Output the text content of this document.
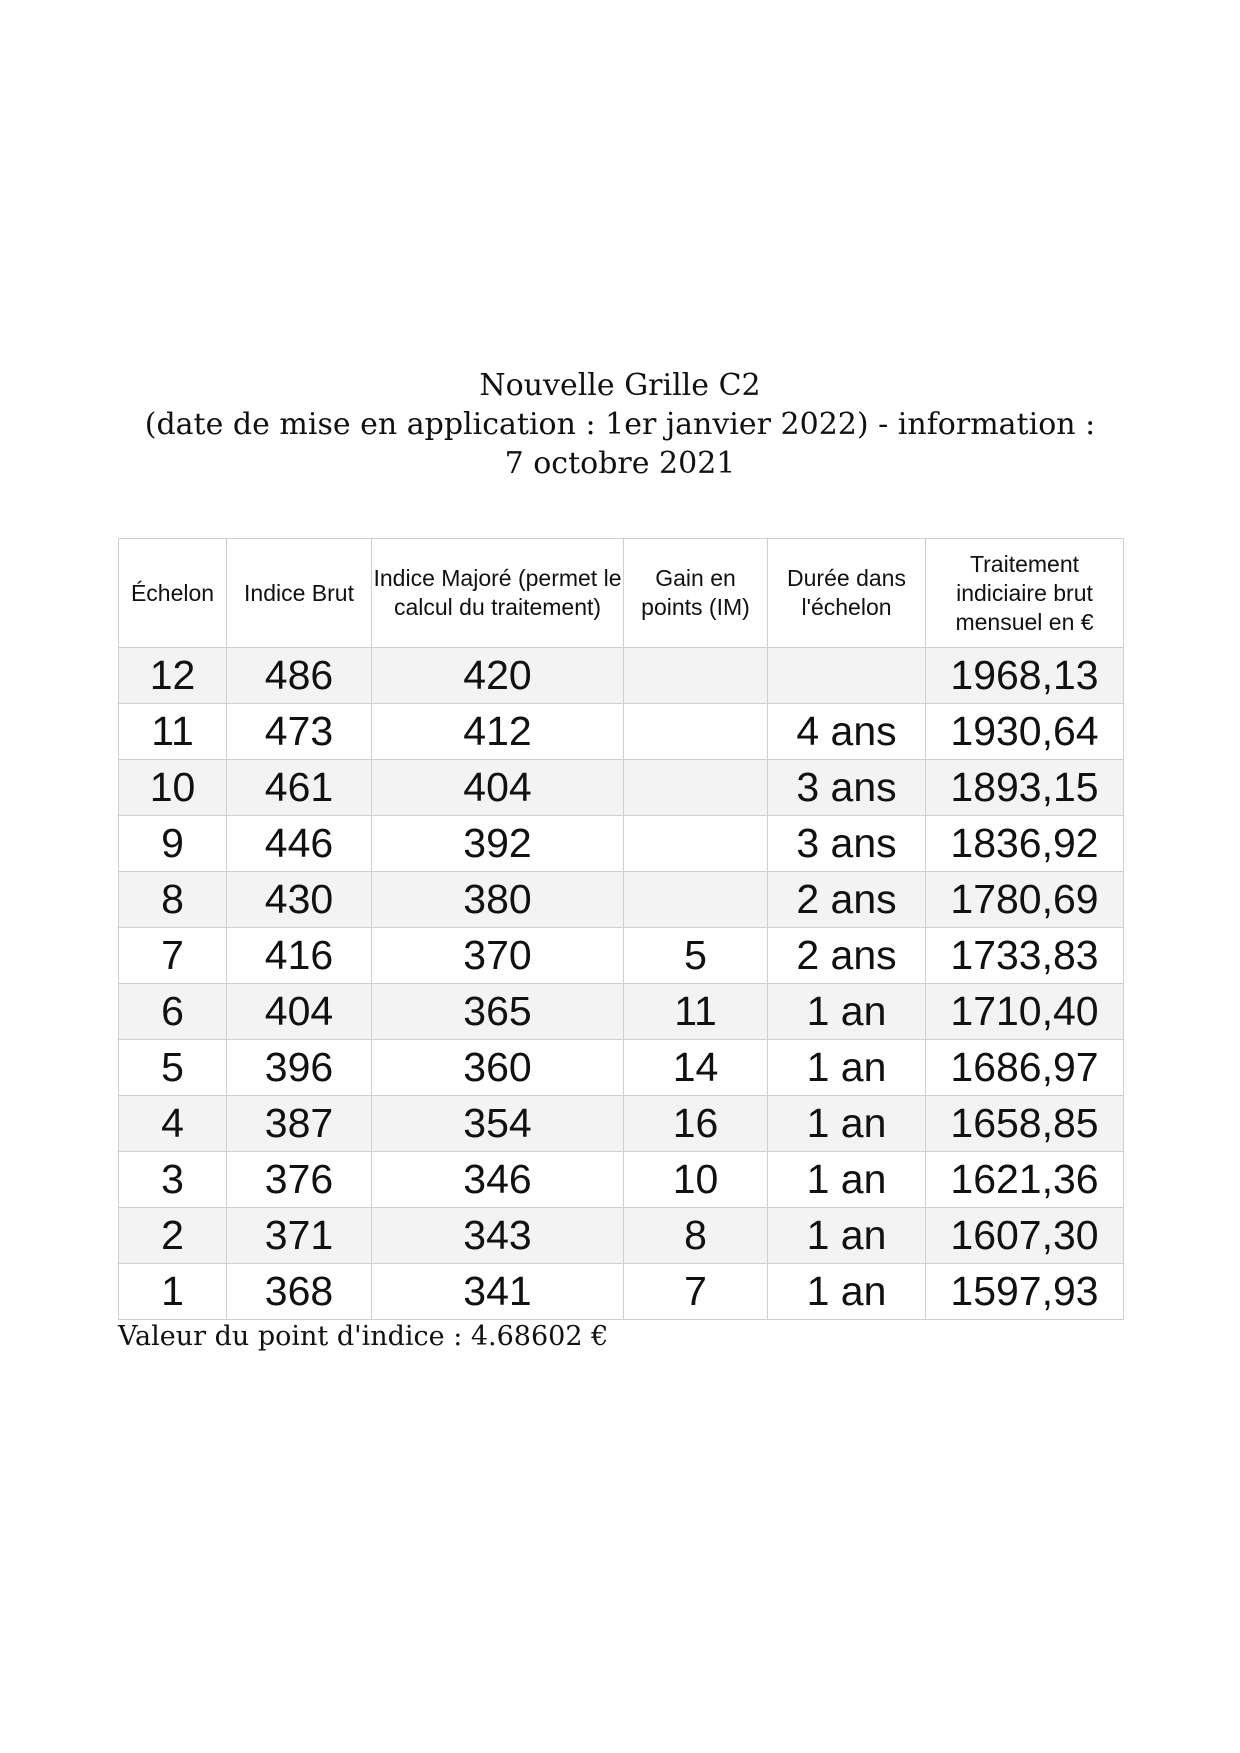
Nouvelle Grille C2
(date de mise en application : 1er janvier 2022) - information :
7 octobre 2021
Échelon	Indice Brut	Indice Majoré (permet le calcul du traitement)	Gain en points (IM)	Durée dans l'échelon	Traitement indiciaire brut mensuel en €
12	486	420			1968,13
11	473	412		4 ans	1930,64
10	461	404		3 ans	1893,15
9	446	392		3 ans	1836,92
8	430	380		2 ans	1780,69
7	416	370	5	2 ans	1733,83
6	404	365	11	1 an	1710,40
5	396	360	14	1 an	1686,97
4	387	354	16	1 an	1658,85
3	376	346	10	1 an	1621,36
2	371	343	8	1 an	1607,30
1	368	341	7	1 an	1597,93
Valeur du point d'indice : 4.68602 €
